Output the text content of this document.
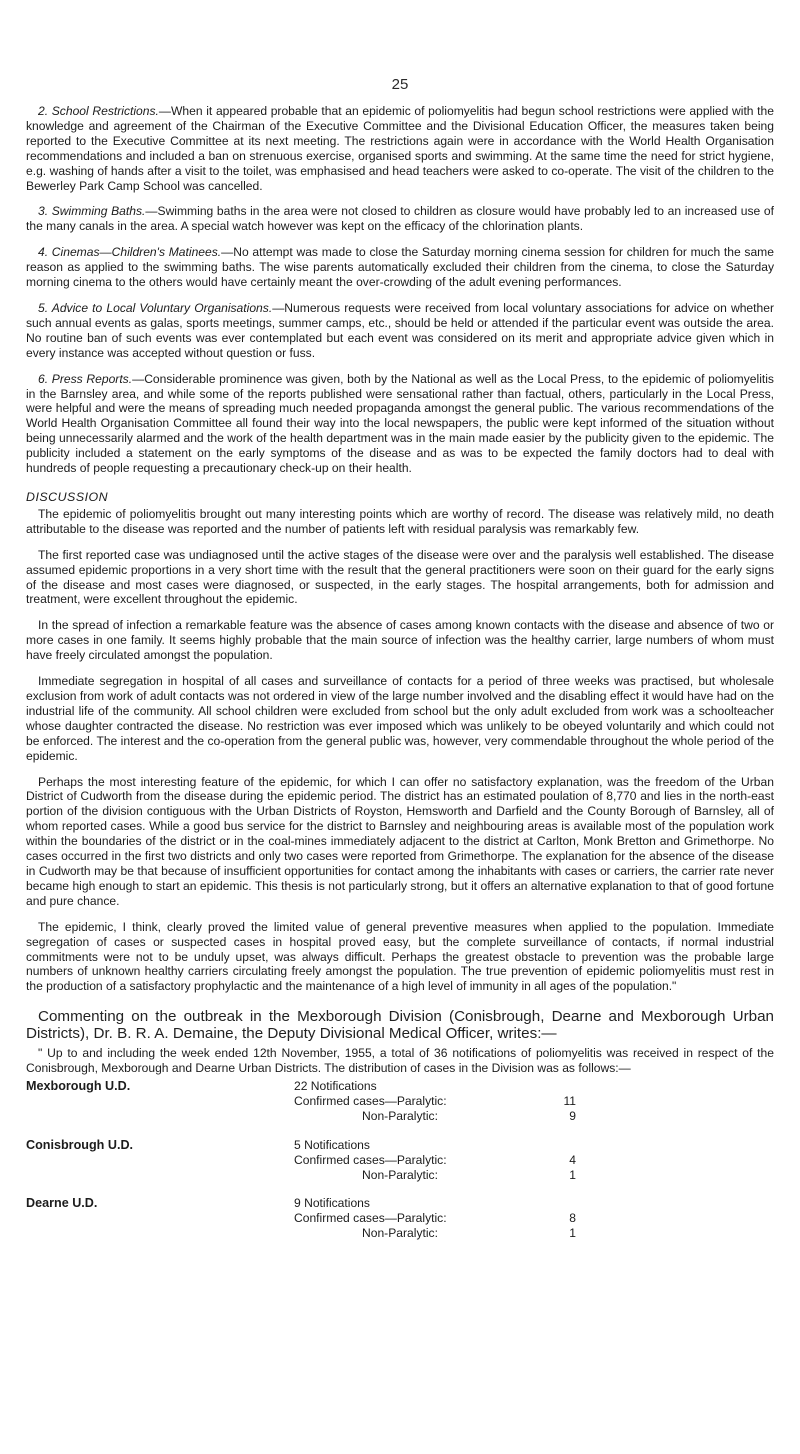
25

2. School Restrictions.—When it appeared probable that an epidemic of poliomyelitis had begun school restrictions were applied with the knowledge and agreement of the Chairman of the Executive Committee and the Divisional Education Officer, the measures taken being reported to the Executive Committee at its next meeting. The restrictions again were in accordance with the World Health Organisation recommendations and included a ban on strenuous exercise, organised sports and swimming. At the same time the need for strict hygiene, e.g. washing of hands after a visit to the toilet, was emphasised and head teachers were asked to co-operate. The visit of the children to the Bewerley Park Camp School was cancelled.

3. Swimming Baths.—Swimming baths in the area were not closed to children as closure would have probably led to an increased use of the many canals in the area. A special watch however was kept on the efficacy of the chlorination plants.

4. Cinemas—Children's Matinees.—No attempt was made to close the Saturday morning cinema session for children for much the same reason as applied to the swimming baths. The wise parents automatically excluded their children from the cinema, to close the Saturday morning cinema to the others would have certainly meant the over-crowding of the adult evening performances.

5. Advice to Local Voluntary Organisations.—Numerous requests were received from local voluntary associations for advice on whether such annual events as galas, sports meetings, summer camps, etc., should be held or attended if the particular event was outside the area. No routine ban of such events was ever contemplated but each event was considered on its merit and appropriate advice given which in every instance was accepted without question or fuss.

6. Press Reports.—Considerable prominence was given, both by the National as well as the Local Press, to the epidemic of poliomyelitis in the Barnsley area, and while some of the reports published were sensational rather than factual, others, particularly in the Local Press, were helpful and were the means of spreading much needed propaganda amongst the general public. The various recommendations of the World Health Organisation Committee all found their way into the local newspapers, the public were kept informed of the situation without being unnecessarily alarmed and the work of the health department was in the main made easier by the publicity given to the epidemic. The publicity included a statement on the early symptoms of the disease and as was to be expected the family doctors had to deal with hundreds of people requesting a precautionary check-up on their health.

DISCUSSION

The epidemic of poliomyelitis brought out many interesting points which are worthy of record. The disease was relatively mild, no death attributable to the disease was reported and the number of patients left with residual paralysis was remarkably few.

The first reported case was undiagnosed until the active stages of the disease were over and the paralysis well established. The disease assumed epidemic proportions in a very short time with the result that the general practitioners were soon on their guard for the early signs of the disease and most cases were diagnosed, or suspected, in the early stages. The hospital arrangements, both for admission and treatment, were excellent throughout the epidemic.

In the spread of infection a remarkable feature was the absence of cases among known contacts with the disease and absence of two or more cases in one family. It seems highly probable that the main source of infection was the healthy carrier, large numbers of whom must have freely circulated amongst the population.

Immediate segregation in hospital of all cases and surveillance of contacts for a period of three weeks was practised, but wholesale exclusion from work of adult contacts was not ordered in view of the large number involved and the disabling effect it would have had on the industrial life of the community. All school children were excluded from school but the only adult excluded from work was a schoolteacher whose daughter contracted the disease. No restriction was ever imposed which was unlikely to be obeyed voluntarily and which could not be enforced. The interest and the co-operation from the general public was, however, very commendable throughout the whole period of the epidemic.

Perhaps the most interesting feature of the epidemic, for which I can offer no satisfactory explanation, was the freedom of the Urban District of Cudworth from the disease during the epidemic period. The district has an estimated poulation of 8,770 and lies in the north-east portion of the division contiguous with the Urban Districts of Royston, Hemsworth and Darfield and the County Borough of Barnsley, all of whom reported cases. While a good bus service for the district to Barnsley and neighbouring areas is available most of the population work within the boundaries of the district or in the coal-mines immediately adjacent to the district at Carlton, Monk Bretton and Grimethorpe. No cases occurred in the first two districts and only two cases were reported from Grimethorpe. The explanation for the absence of the disease in Cudworth may be that because of insufficient opportunities for contact among the inhabitants with cases or carriers, the carrier rate never became high enough to start an epidemic. This thesis is not particularly strong, but it offers an alternative explanation to that of good fortune and pure chance.

The epidemic, I think, clearly proved the limited value of general preventive measures when applied to the population. Immediate segregation of cases or suspected cases in hospital proved easy, but the complete surveillance of contacts, if normal industrial commitments were not to be unduly upset, was always difficult. Perhaps the greatest obstacle to prevention was the probable large numbers of unknown healthy carriers circulating freely amongst the population. The true prevention of epidemic poliomyelitis must rest in the production of a satisfactory prophylactic and the maintenance of a high level of immunity in all ages of the population."

Commenting on the outbreak in the Mexborough Division (Conisbrough, Dearne and Mexborough Urban Districts), Dr. B. R. A. Demaine, the Deputy Divisional Medical Officer, writes:—

" Up to and including the week ended 12th November, 1955, a total of 36 notifications of poliomyelitis was received in respect of the Conisbrough, Mexborough and Dearne Urban Districts. The distribution of cases in the Division was as follows:—

Mexborough U.D.	22 Notifications
Confirmed cases—Paralytic:	11
Non-Paralytic:	9
Conisbrough U.D.	5 Notifications
Confirmed cases—Paralytic:	4
Non-Paralytic:	1
Dearne U.D.	9 Notifications
Confirmed cases—Paralytic:	8
Non-Paralytic:	1
